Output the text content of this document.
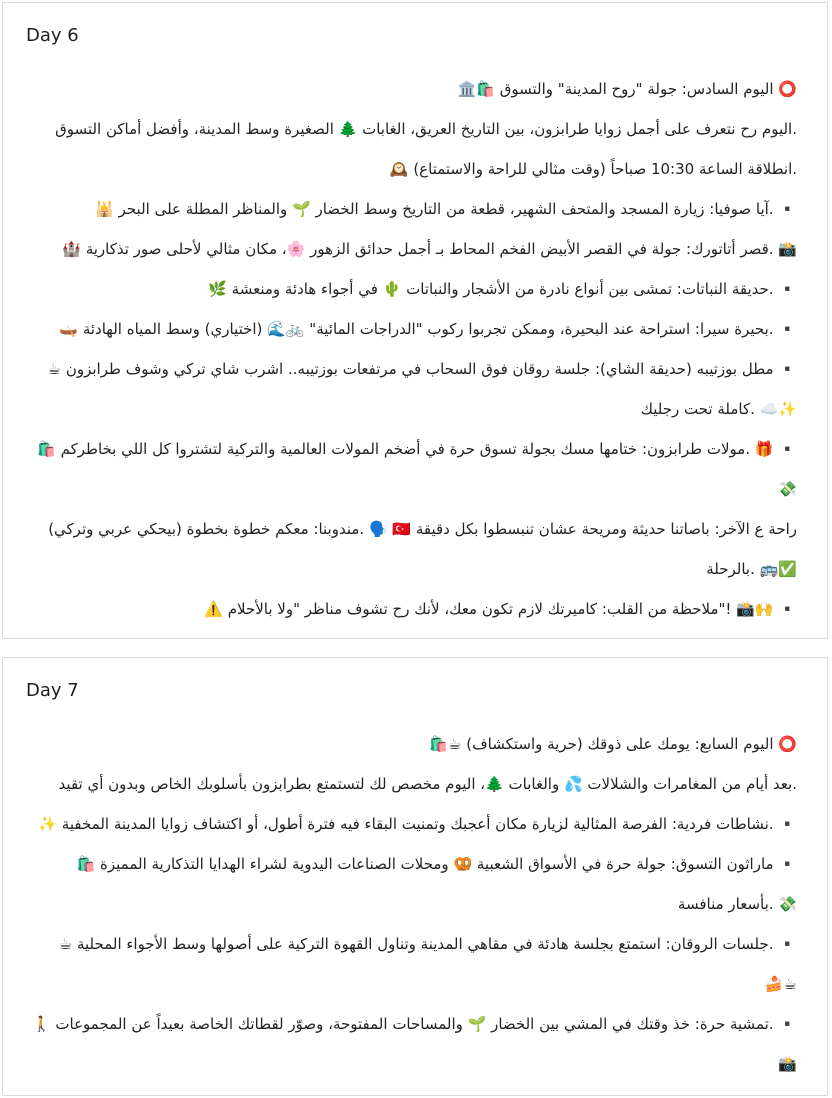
Day 6
⭕ اليوم السادس: جولة "روح المدينة" والتسوق 🛍️🏛️
.اليوم رح نتعرف على أجمل زوايا طرابزون، بين التاريخ العريق، الغابات 🌲 الصغيرة وسط المدينة، وأفضل أماكن التسوق
.انطلاقة الساعة 10:30 صباحاً (وقت مثالي للراحة والاستمتاع) 🕰️
▪️ .آيا صوفيا: زيارة المسجد والمتحف الشهير، قطعة من التاريخ وسط الخضار 🌱 والمناظر المطلة على البحر 🕌
📸 .قصر أتاتورك: جولة في القصر الأبيض الفخم المحاط بـ أجمل حدائق الزهور 🌸، مكان مثالي لأحلى صور تذكارية 🏰
▪️ .حديقة النباتات: تمشى بين أنواع نادرة من الأشجار والنباتات 🌵 في أجواء هادئة ومنعشة 🌿
▪️ .بحيرة سيرا: استراحة عند البحيرة، وممكن تجربوا ركوب "الدراجات المائية" 🚲🌊 (اختياري) وسط المياه الهادئة 🛶
▪️ مطل بوزتيبه (حديقة الشاي): جلسة روقان فوق السحاب في مرتفعات بوزتيبه.. اشرب شاي تركي وشوف طرابزون ☕
✨☁️ .كاملة تحت رجليك
▪️ 🎁 .مولات طرابزون: ختامها مسك بجولة تسوق حرة في أضخم المولات العالمية والتركية لتشتروا كل اللي بخاطركم 🛍️
💸
راحة ع الآخر: باصاتنا حديثة ومريحة عشان تنبسطوا بكل دقيقة 🇹🇷 🗣️ .مندوبنا: معكم خطوة بخطوة (بيحكي عربي وتركي)
✅🚌 .بالرحلة
▪️ 🙌📸 !"ملاحظة من القلب: كاميرتك لازم تكون معك، لأنك رح تشوف مناظر "ولا بالأحلام ⚠️
Day 7
⭕ اليوم السابع: يومك على ذوقك (حرية واستكشاف) ☕🛍️
.بعد أيام من المغامرات والشلالات 💦 والغابات 🌲، اليوم مخصص لك لتستمتع بطرابزون بأسلوبك الخاص وبدون أي تقيد
▪️ .نشاطات فردية: الفرصة المثالية لزيارة مكان أعجبك وتمنيت البقاء فيه فترة أطول، أو اكتشاف زوايا المدينة المخفية ✨
▪️ ماراثون التسوق: جولة حرة في الأسواق الشعبية 🥨 ومحلات الصناعات اليدوية لشراء الهدايا التذكارية المميزة 🛍️
💸 .بأسعار منافسة
▪️ .جلسات الروقان: استمتع بجلسة هادئة في مقاهي المدينة وتناول القهوة التركية على أصولها وسط الأجواء المحلية ☕
🍰☕
▪️ .تمشية حرة: خذ وقتك في المشي بين الخضار 🌱 والمساحات المفتوحة، وصوّر لقطاتك الخاصة بعيداً عن المجموعات 🚶
📸
